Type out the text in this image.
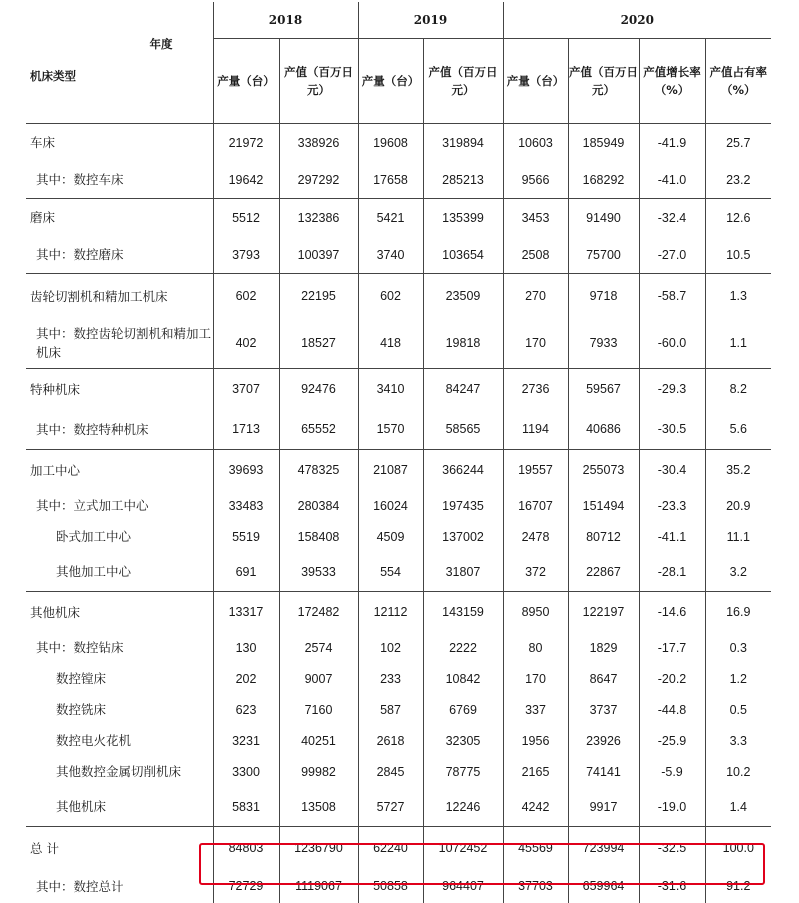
年度
机床类型	2018		2019		2020			
	产量（台）	产值（百万日元）	产量（台）	产值（百万日元）	产量（台）	产值（百万日元）	产值增长率（%）	产值占有率（%）
车床	21972	338926	19608	319894	10603	185949	-41.9	25.7
其中：数控车床	19642	297292	17658	285213	9566	168292	-41.0	23.2
磨床	5512	132386	5421	135399	3453	91490	-32.4	12.6
其中：数控磨床	3793	100397	3740	103654	2508	75700	-27.0	10.5
齿轮切割机和精加工机床	602	22195	602	23509	270	9718	-58.7	1.3
其中：数控齿轮切割机和精加工机床	402	18527	418	19818	170	7933	-60.0	1.1
特种机床	3707	92476	3410	84247	2736	59567	-29.3	8.2
其中：数控特种机床	1713	65552	1570	58565	1194	40686	-30.5	5.6
加工中心	39693	478325	21087	366244	19557	255073	-30.4	35.2
其中：立式加工中心	33483	280384	16024	197435	16707	151494	-23.3	20.9
卧式加工中心	5519	158408	4509	137002	2478	80712	-41.1	11.1
其他加工中心	691	39533	554	31807	372	22867	-28.1	3.2
其他机床	13317	172482	12112	143159	8950	122197	-14.6	16.9
其中：数控钻床	130	2574	102	2222	80	1829	-17.7	0.3
数控镗床	202	9007	233	10842	170	8647	-20.2	1.2
数控铣床	623	7160	587	6769	337	3737	-44.8	0.5
数控电火花机	3231	40251	2618	32305	1956	23926	-25.9	3.3
其他数控金属切削机床	3300	99982	2845	78775	2165	74141	-5.9	10.2
其他机床	5831	13508	5727	12246	4242	9917	-19.0	1.4
总 计	84803	1236790	62240	1072452	45569	723994	-32.5	100.0
其中：数控总计	72729	1119067	50858	964407	37703	659964	-31.6	91.2
